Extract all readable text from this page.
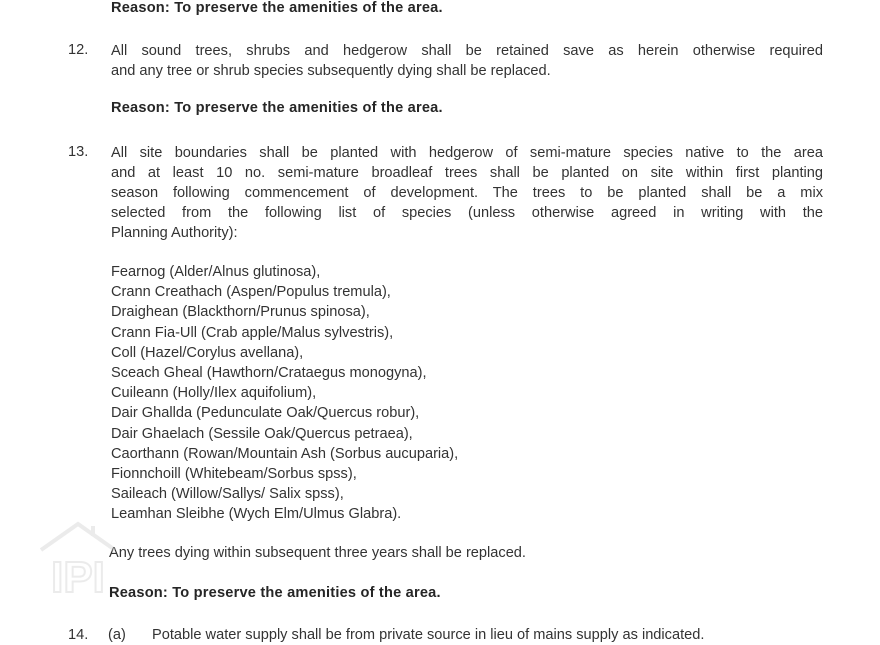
Reason: To preserve the amenities of the area.
12. All sound trees, shrubs and hedgerow shall be retained save as herein otherwise required
and any tree or shrub species subsequently dying shall be replaced.
Reason: To preserve the amenities of the area.
13. All site boundaries shall be planted with hedgerow of semi-mature species native to the area
and at least 10 no. semi-mature broadleaf trees shall be planted on site within first planting
season following commencement of development. The trees to be planted shall be a mix
selected from the following list of species (unless otherwise agreed in writing with the
Planning Authority):
Fearnog (Alder/Alnus glutinosa),
Crann Creathach (Aspen/Populus tremula),
Draighean (Blackthorn/Prunus spinosa),
Crann Fia-Ull (Crab apple/Malus sylvestris),
Coll (Hazel/Corylus avellana),
Sceach Gheal (Hawthorn/Crataegus monogyna),
Cuileann (Holly/Ilex aquifolium),
Dair Ghallda (Pedunculate Oak/Quercus robur),
Dair Ghaelach (Sessile Oak/Quercus petraea),
Caorthann (Rowan/Mountain Ash (Sorbus aucuparia),
Fionnchoill (Whitebeam/Sorbus spss),
Saileach (Willow/Sallys/ Salix spss),
Leamhan Sleibhe (Wych Elm/Ulmus Glabra).
Any trees dying within subsequent three years shall be replaced.
Reason: To preserve the amenities of the area.
14. (a) Potable water supply shall be from private source in lieu of mains supply as indicated.
IPI
